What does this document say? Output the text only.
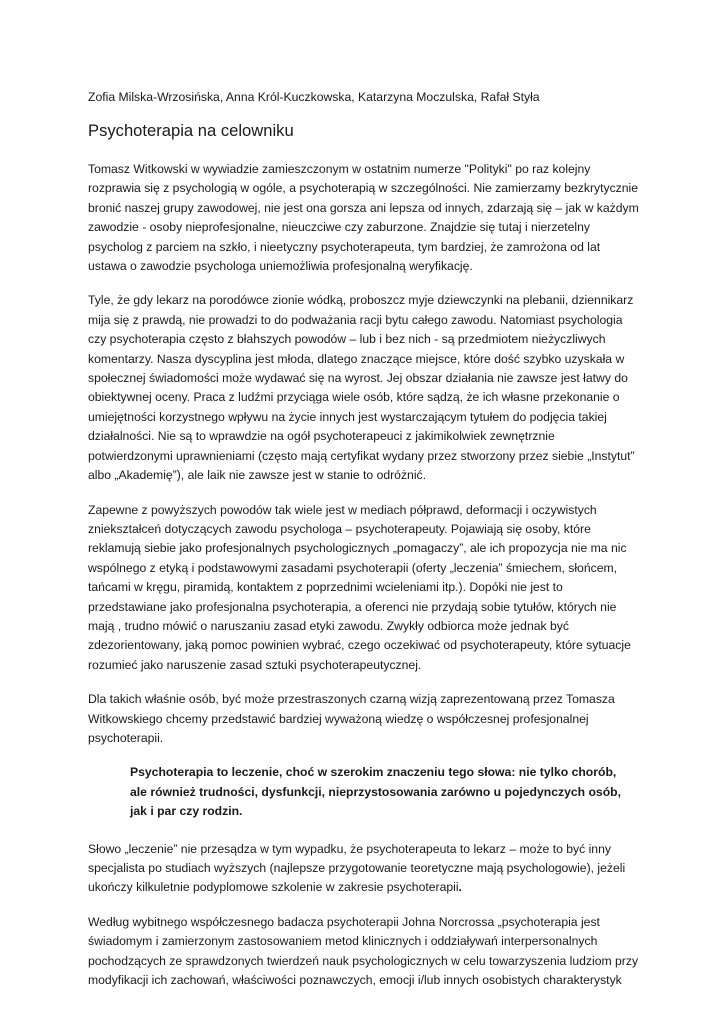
Zofia Milska-Wrzosińska, Anna Król-Kuczkowska, Katarzyna Moczulska, Rafał Styła

Psychoterapia na celowniku

Tomasz Witkowski w wywiadzie zamieszczonym w ostatnim numerze "Polityki" po raz kolejny rozprawia się z psychologią w ogóle, a psychoterapią w szczególności. Nie zamierzamy bezkrytycznie bronić naszej grupy zawodowej, nie jest ona gorsza ani lepsza od innych, zdarzają się – jak w każdym zawodzie - osoby nieprofesjonalne, nieuczciwe czy zaburzone. Znajdzie się tutaj i nierzetelny psycholog z parciem na szkło, i nieetyczny psychoterapeuta, tym bardziej, że zamrożona od lat ustawa o zawodzie psychologa uniemożliwia profesjonalną weryfikację.

Tyle, że gdy lekarz na porodówce zionie wódką, proboszcz myje dziewczynki na plebanii, dziennikarz mija się z prawdą, nie prowadzi to do podważania racji bytu całego zawodu. Natomiast psychologia czy psychoterapia często z błahszych powodów – lub i bez nich - są przedmiotem nieżyczliwych komentarzy. Nasza dyscyplina jest młoda, dlatego znaczące miejsce, które dość szybko uzyskała w społecznej świadomości może wydawać się na wyrost. Jej obszar działania nie zawsze jest łatwy do obiektywnej oceny. Praca z ludźmi przyciąga wiele osób, które sądzą, że ich własne przekonanie o umiejętności korzystnego wpływu na życie innych jest wystarczającym tytułem do podjęcia takiej działalności. Nie są to wprawdzie na ogół psychoterapeuci z jakimikolwiek zewnętrznie potwierdzonymi uprawnieniami (często mają certyfikat wydany przez stworzony przez siebie „Instytut” albo „Akademię”), ale laik nie zawsze jest w stanie to odróżnić.

Zapewne z powyższych powodów tak wiele jest w mediach półprawd, deformacji i oczywistych zniekształceń dotyczących zawodu psychologa – psychoterapeuty. Pojawiają się osoby, które reklamują siebie jako profesjonalnych psychologicznych „pomagaczy”, ale ich propozycja nie ma nic wspólnego z etyką i podstawowymi zasadami psychoterapii (oferty „leczenia” śmiechem, słońcem, tańcami w kręgu, piramidą, kontaktem z poprzednimi wcieleniami itp.). Dopóki nie jest to przedstawiane jako profesjonalna psychoterapia, a oferenci nie przydają sobie tytułów, których nie mają , trudno mówić o naruszaniu zasad etyki zawodu. Zwykły odbiorca może jednak być zdezorientowany, jaką pomoc powinien wybrać, czego oczekiwać od psychoterapeuty, które sytuacje rozumieć jako naruszenie zasad sztuki psychoterapeutycznej.

Dla takich właśnie osób, być może przestraszonych czarną wizją zaprezentowaną przez Tomasza Witkowskiego chcemy przedstawić bardziej wyważoną wiedzę o współczesnej profesjonalnej psychoterapii.

Psychoterapia to leczenie, choć w szerokim znaczeniu tego słowa: nie tylko chorób, ale również trudności, dysfunkcji, nieprzystosowania zarówno u pojedynczych osób, jak i par czy rodzin.

Słowo „leczenie” nie przesądza w tym wypadku, że psychoterapeuta to lekarz – może to być inny specjalista po studiach wyższych (najlepsze przygotowanie teoretyczne mają psychologowie), jeżeli ukończy kilkuletnie podyplomowe szkolenie w zakresie psychoterapii.

Według wybitnego współczesnego badacza psychoterapii Johna Norcrossa „psychoterapia jest świadomym i zamierzonym zastosowaniem metod klinicznych i oddziaływań interpersonalnych pochodzących ze sprawdzonych twierdzeń nauk psychologicznych w celu towarzyszenia ludziom przy modyfikacji ich zachowań, właściwości poznawczych, emocji i/lub innych osobistych charakterystyk
